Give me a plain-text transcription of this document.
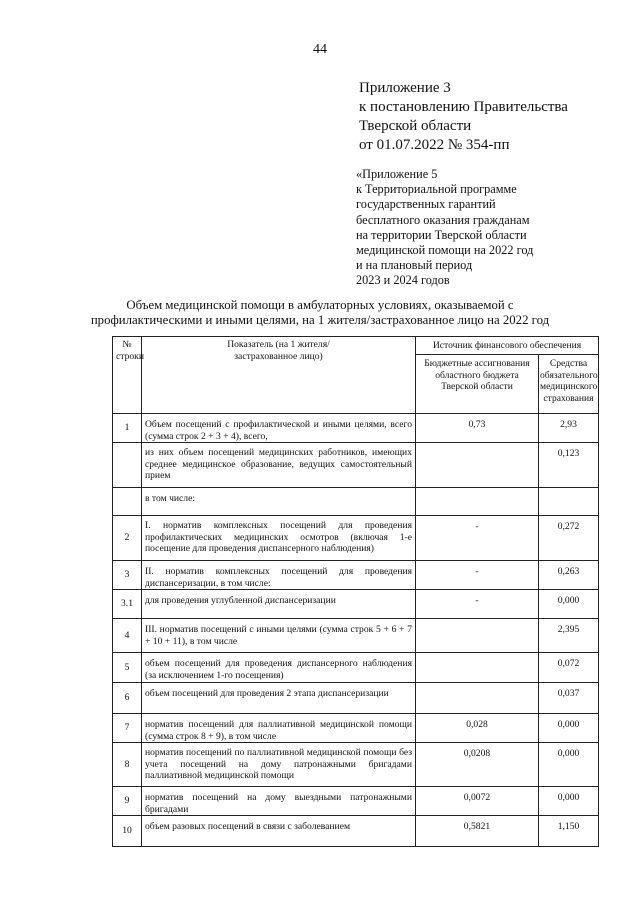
44
Приложение 3
к постановлению Правительства
Тверской области
от 01.07.2022 № 354-пп
«Приложение 5
к Территориальной программе
государственных гарантий
бесплатного оказания гражданам
на территории Тверской области
медицинской помощи на 2022 год
и на плановый период
2023 и 2024 годов
Объем медицинской помощи в амбулаторных условиях, оказываемой с
профилактическими и иными целями, на 1 жителя/застрахованное лицо на 2022 год
№ строки	Показатель (на 1 жителя/ застрахованное лицо)	Источник финансового обеспечения	
		Бюджетные ассигнования областного бюджета Тверской области	Средства обязательного медицинского страхования
1	Объем посещений с профилактической и иными целями, всего (сумма строк 2 + 3 + 4), всего,	0,73	2,93
	из них объем посещений медицинских работников, имеющих среднее медицинское образование, ведущих самостоятельный прием		0,123
	в том числе:		
2	I. норматив комплексных посещений для проведения профилактических медицинских осмотров (включая 1-е посещение для проведения диспансерного наблюдения)	-	0,272
3	II. норматив комплексных посещений для проведения диспансеризации, в том числе:	-	0,263
3.1	для проведения углубленной диспансеризации	-	0,000
4	III. норматив посещений с иными целями (сумма строк 5 + 6 + 7 + 10 + 11), в том числе		2,395
5	объем посещений для проведения диспансерного наблюдения (за исключением 1-го посещения)		0,072
6	объем посещений для проведения 2 этапа диспансеризации		0,037
7	норматив посещений для паллиативной медицинской помощи (сумма строк 8 + 9), в том числе	0,028	0,000
8	норматив посещений по паллиативной медицинской помощи без учета посещений на дому патронажными бригадами паллиативной медицинской помощи	0,0208	0,000
9	норматив посещений на дому выездными патронажными бригадами	0,0072	0,000
10	объем разовых посещений в связи с заболеванием	0,5821	1,150
